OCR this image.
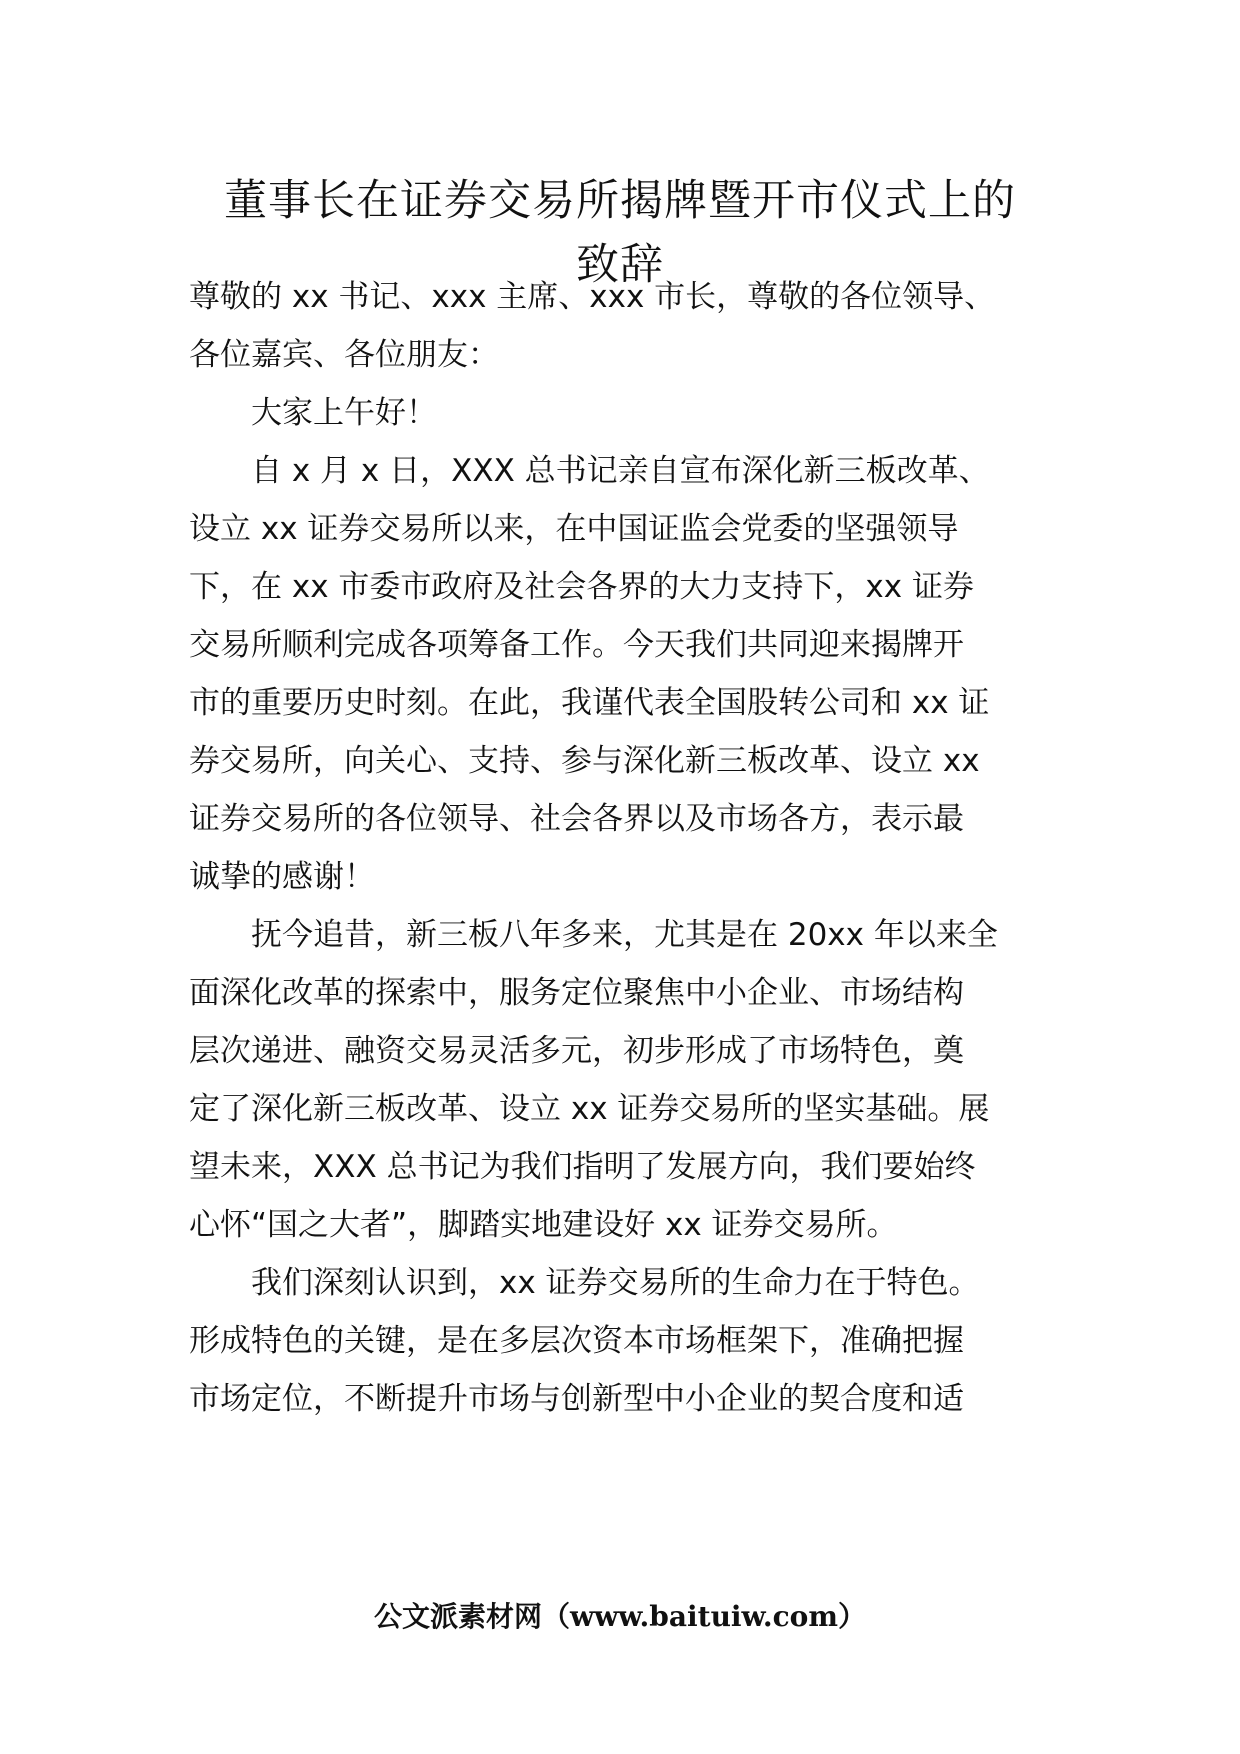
董事长在证券交易所揭牌暨开市仪式上的
致辞

尊敬的 xx 书记、xxx 主席、xxx 市长，尊敬的各位领导、

各位嘉宾、各位朋友：

　　大家上午好！

　　自 x 月 x 日，XXX 总书记亲自宣布深化新三板改革、

设立 xx 证券交易所以来，在中国证监会党委的坚强领导

下，在 xx 市委市政府及社会各界的大力支持下，xx 证券

交易所顺利完成各项筹备工作。今天我们共同迎来揭牌开

市的重要历史时刻。在此，我谨代表全国股转公司和 xx 证

券交易所，向关心、支持、参与深化新三板改革、设立 xx

证券交易所的各位领导、社会各界以及市场各方，表示最

诚挚的感谢！

　　抚今追昔，新三板八年多来，尤其是在 20xx 年以来全

面深化改革的探索中，服务定位聚焦中小企业、市场结构

层次递进、融资交易灵活多元，初步形成了市场特色，奠

定了深化新三板改革、设立 xx 证券交易所的坚实基础。展

望未来，XXX 总书记为我们指明了发展方向，我们要始终

心怀“国之大者”，脚踏实地建设好 xx 证券交易所。

　　我们深刻认识到，xx 证券交易所的生命力在于特色。

形成特色的关键，是在多层次资本市场框架下，准确把握

市场定位，不断提升市场与创新型中小企业的契合度和适

公文派素材网（www.baituiw.com）
